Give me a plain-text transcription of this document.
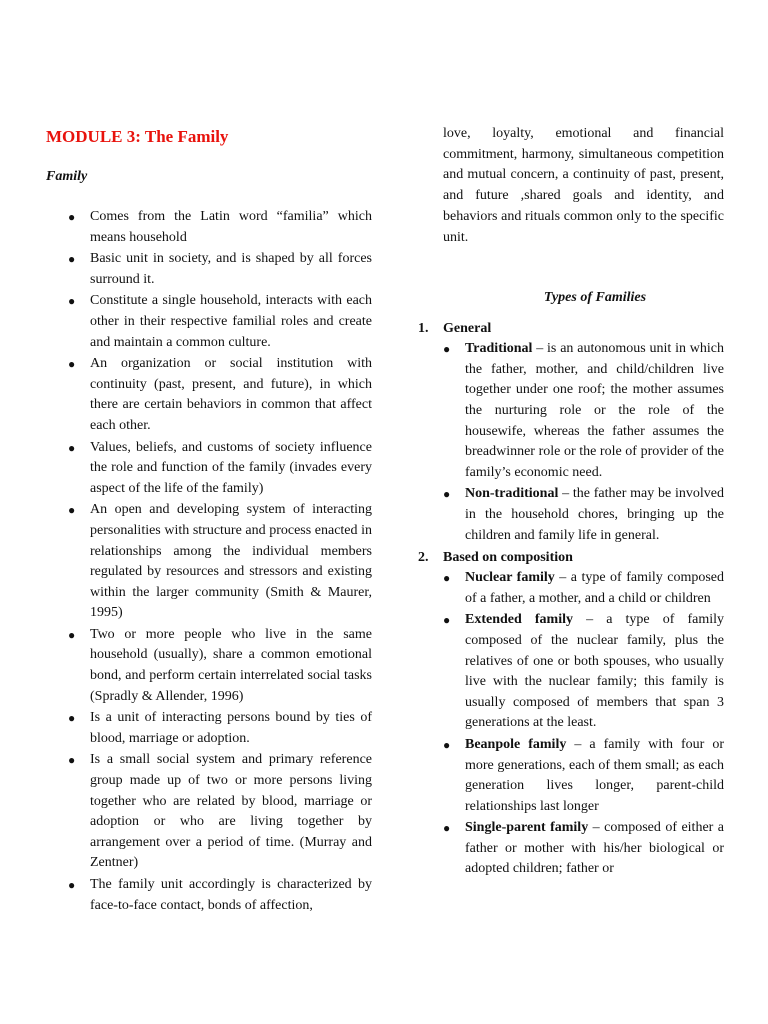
MODULE 3: The Family
Family
● Comes from the Latin word “familia” which means household
● Basic unit in society, and is shaped by all forces surround it.
● Constitute a single household, interacts with each other in their respective familial roles and create and maintain a common culture.
● An organization or social institution with continuity (past, present, and future), in which there are certain behaviors in common that affect each other.
● Values, beliefs, and customs of society influence the role and function of the family (invades every aspect of the life of the family)
● An open and developing system of interacting personalities with structure and process enacted in relationships among the individual members regulated by resources and stressors and existing within the larger community (Smith & Maurer, 1995)
● Two or more people who live in the same household (usually), share a common emotional bond, and perform certain interrelated social tasks (Spradly & Allender, 1996)
● Is a unit of interacting persons bound by ties of blood, marriage or adoption.
● Is a small social system and primary reference group made up of two or more persons living together who are related by blood, marriage or adoption or who are living together by arrangement over a period of time. (Murray and Zentner)
● The family unit accordingly is characterized by face-to-face contact, bonds of affection,

love, loyalty, emotional and financial commitment, harmony, simultaneous competition and mutual concern, a continuity of past, present, and future ,shared goals and identity, and behaviors and rituals common only to the specific unit.

Types of Families
1. General
● Traditional – is an autonomous unit in which the father, mother, and child/children live together under one roof; the mother assumes the nurturing role or the role of the housewife, whereas the father assumes the breadwinner role or the role of provider of the family’s economic need.
● Non-traditional – the father may be involved in the household chores, bringing up the children and family life in general.
2. Based on composition
● Nuclear family – a type of family composed of a father, a mother, and a child or children
● Extended family – a type of family composed of the nuclear family, plus the relatives of one or both spouses, who usually live with the nuclear family; this family is usually composed of members that span 3 generations at the least.
● Beanpole family – a family with four or more generations, each of them small; as each generation lives longer, parent-child relationships last longer
● Single-parent family – composed of either a father or mother with his/her biological or adopted children; father or
